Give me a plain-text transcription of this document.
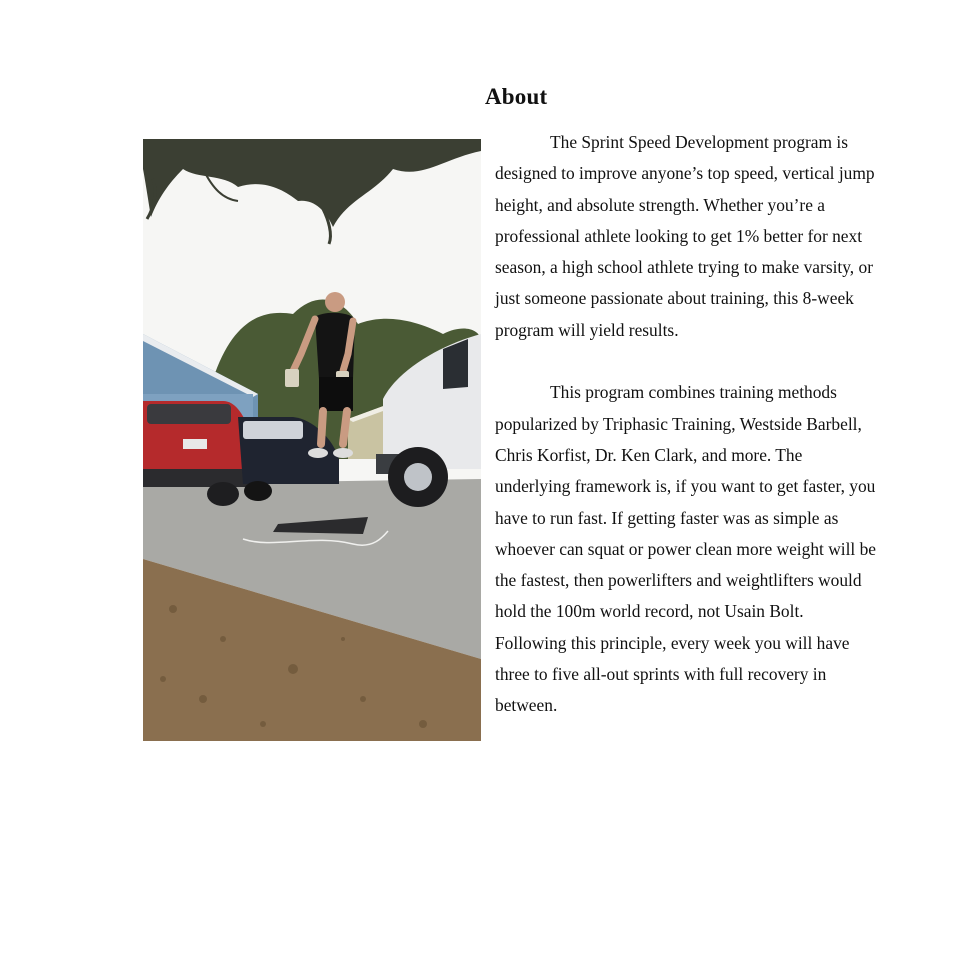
About

The Sprint Speed Development program is designed to improve anyone’s top speed, vertical jump height, and absolute strength. Whether you’re a professional athlete looking to get 1% better for next season, a high school athlete trying to make varsity, or just someone passionate about training, this 8-week program will yield results.

This program combines training methods popularized by Triphasic Training, Westside Barbell, Chris Korfist, Dr. Ken Clark, and more. The underlying framework is, if you want to get faster, you have to run fast. If getting faster was as simple as whoever can squat or power clean more weight will be the fastest, then powerlifters and weightlifters would hold the 100m world record, not Usain Bolt. Following this principle, every week you will have three to five all-out sprints with full recovery in between.
